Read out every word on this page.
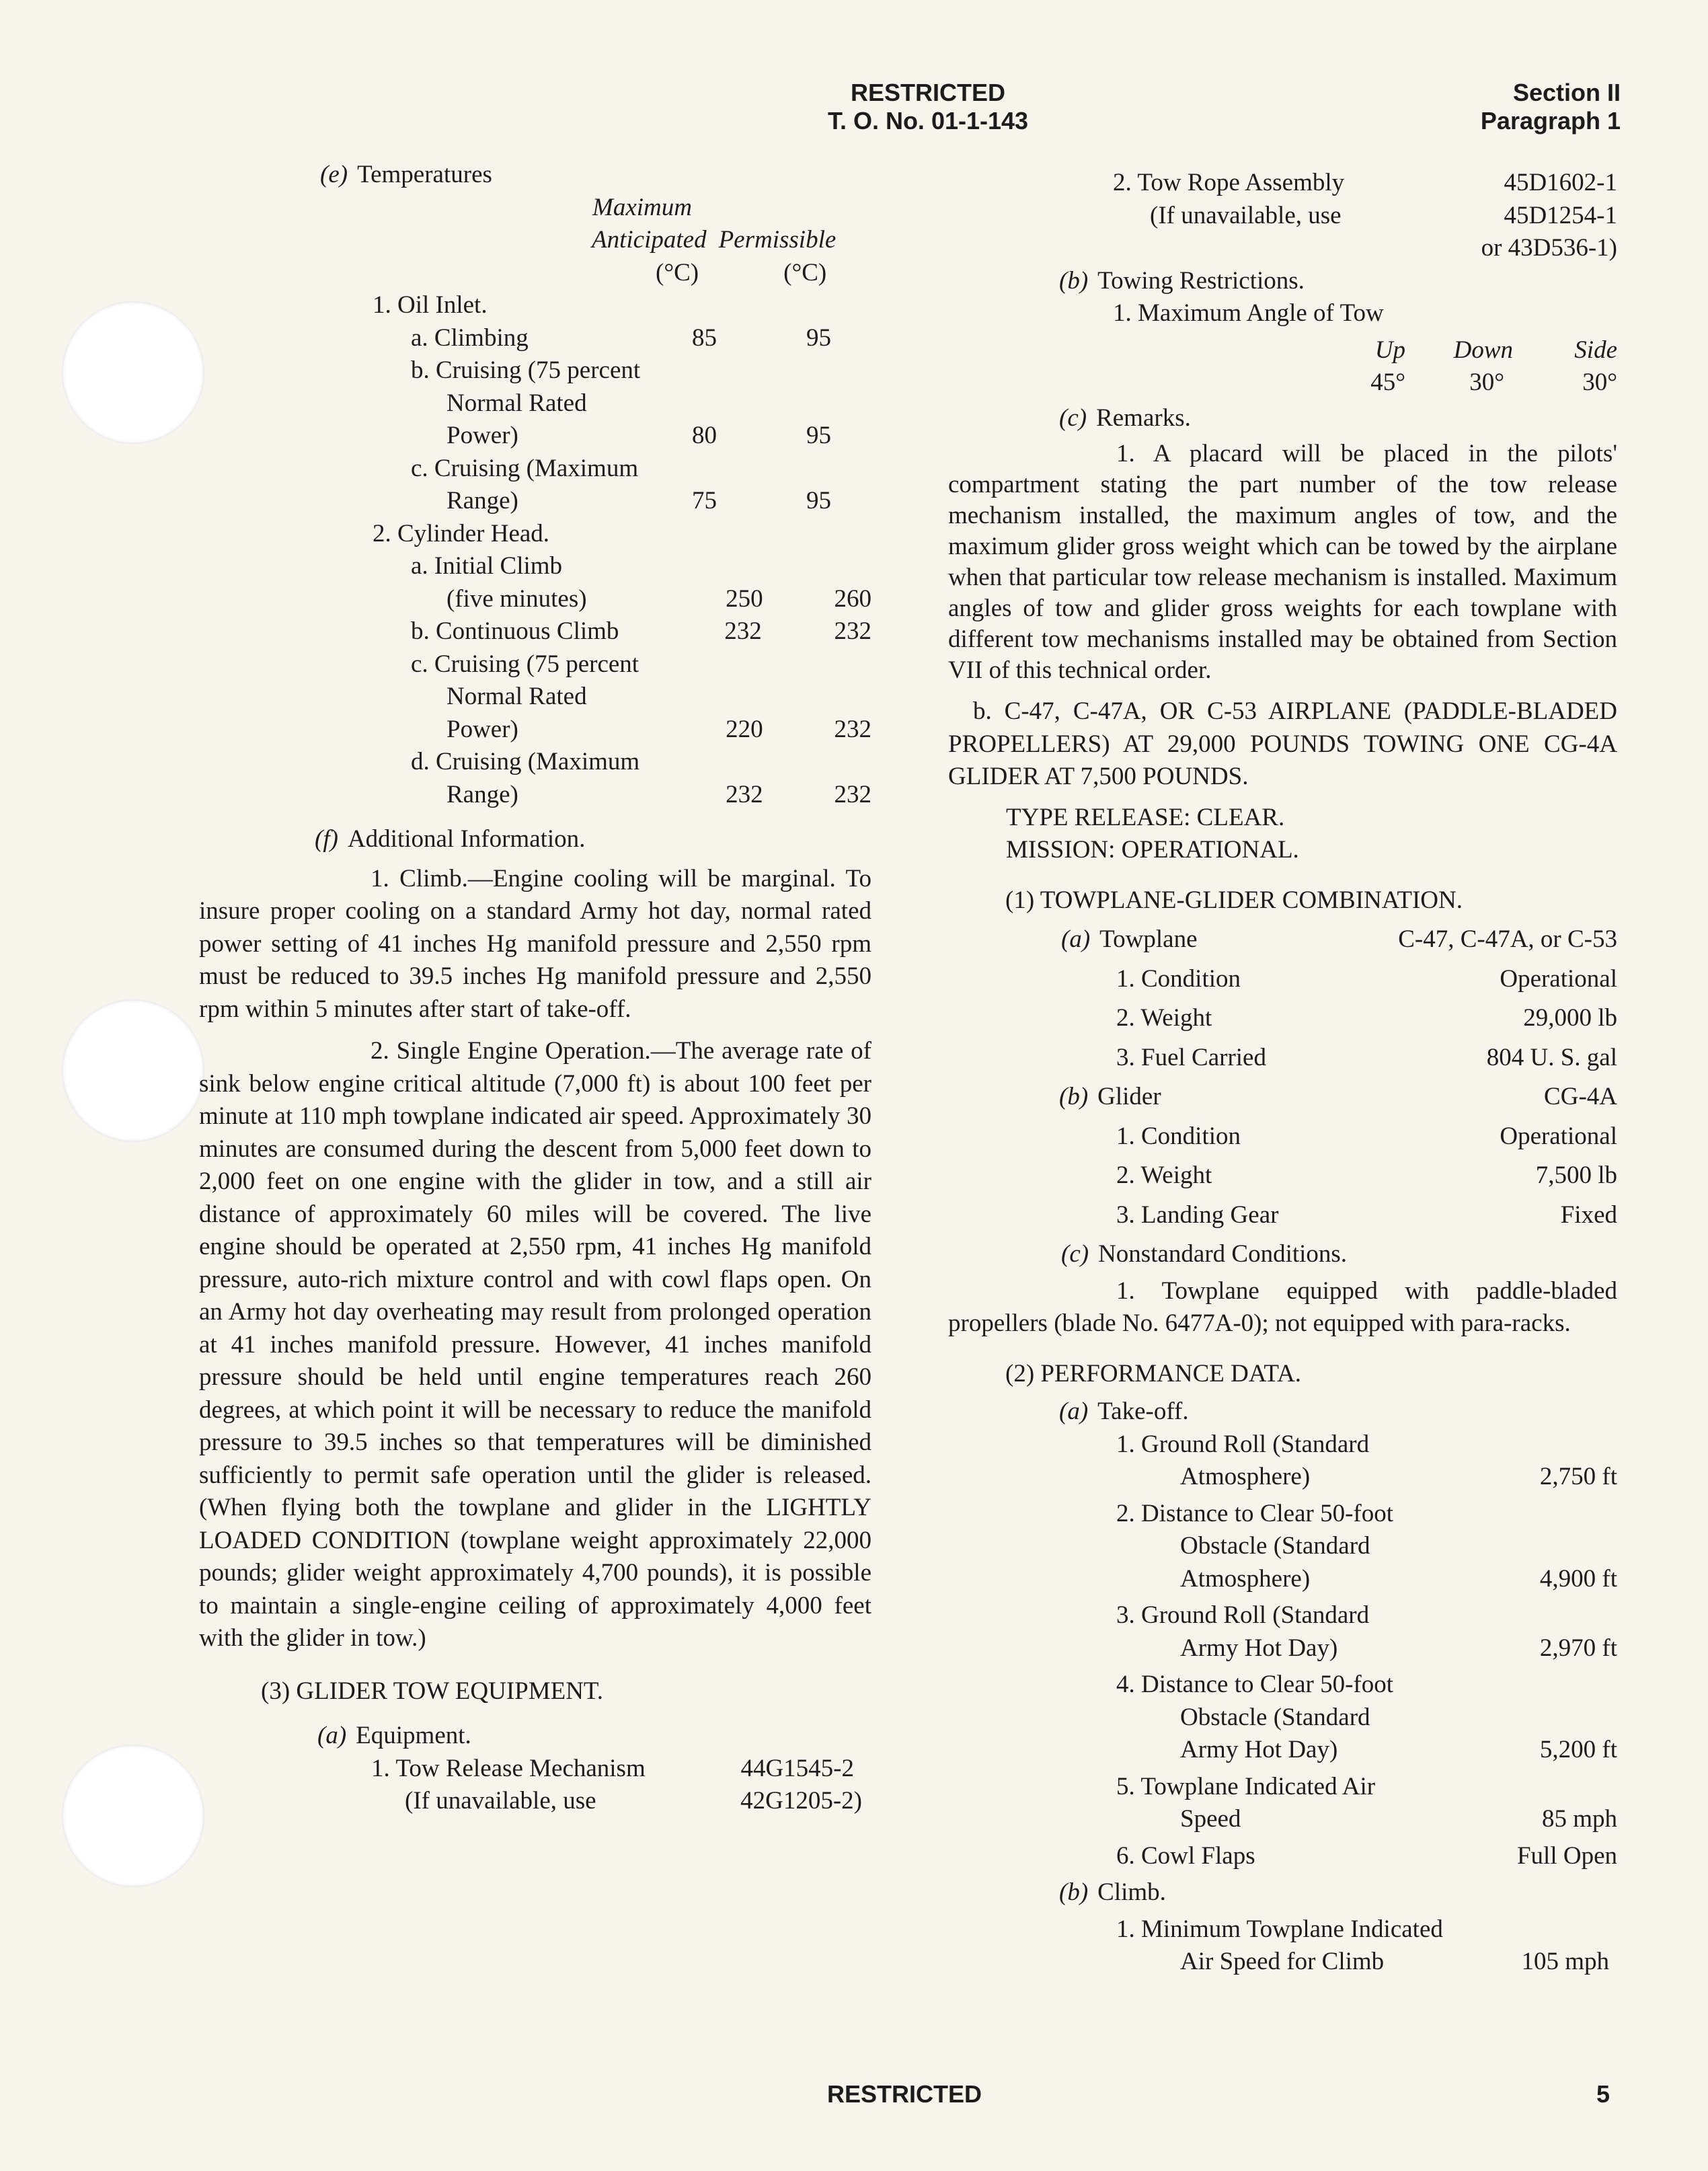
RESTRICTED
T. O. No. 01-1-143
Section II
Paragraph 1
(e) Temperatures
Maximum
Anticipated Permissible
(°C)	(°C)
1. Oil Inlet.
a. Climbing	85	95
b. Cruising (75 percent
Normal Rated
Power)	80	95
c. Cruising (Maximum
Range)	75	95
2. Cylinder Head.
a. Initial Climb
(five minutes)	250	260
b. Continuous Climb	232	232
c. Cruising (75 percent
Normal Rated
Power)	220	232
d. Cruising (Maximum
Range)	232	232
(f) Additional Information.

1. Climb.—Engine cooling will be marginal. To insure proper cooling on a standard Army hot day, normal rated power setting of 41 inches Hg manifold pressure and 2,550 rpm must be reduced to 39.5 inches Hg manifold pressure and 2,550 rpm within 5 minutes after start of take-off.

2. Single Engine Operation.—The average rate of sink below engine critical altitude (7,000 ft) is about 100 feet per minute at 110 mph towplane indicated air speed. Approximately 30 minutes are consumed during the descent from 5,000 feet down to 2,000 feet on one engine with the glider in tow, and a still air distance of approximately 60 miles will be covered. The live engine should be operated at 2,550 rpm, 41 inches Hg manifold pressure, auto-rich mixture control and with cowl flaps open. On an Army hot day overheating may result from prolonged operation at 41 inches manifold pressure. However, 41 inches manifold pressure should be held until engine temperatures reach 260 degrees, at which point it will be necessary to reduce the manifold pressure to 39.5 inches so that temperatures will be diminished sufficiently to permit safe operation until the glider is released. (When flying both the towplane and glider in the LIGHTLY LOADED CONDITION (towplane weight approximately 22,000 pounds; glider weight approximately 4,700 pounds), it is possible to maintain a single-engine ceiling of approximately 4,000 feet with the glider in tow.)

(3) GLIDER TOW EQUIPMENT.
(a) Equipment.
1. Tow Release Mechanism	44G1545-2
(If unavailable, use	42G1205-2)
2. Tow Rope Assembly	45D1602-1
(If unavailable, use	45D1254-1
or 43D536-1)
(b) Towing Restrictions.
1. Maximum Angle of Tow
Up	Down	Side
45°	30°	30°
(c) Remarks.

1. A placard will be placed in the pilots' compartment stating the part number of the tow release mechanism installed, the maximum angles of tow, and the maximum glider gross weight which can be towed by the airplane when that particular tow release mechanism is installed. Maximum angles of tow and glider gross weights for each towplane with different tow mechanisms installed may be obtained from Section VII of this technical order.

b. C-47, C-47A, OR C-53 AIRPLANE (PADDLE-BLADED PROPELLERS) AT 29,000 POUNDS TOWING ONE CG-4A GLIDER AT 7,500 POUNDS.

TYPE RELEASE: CLEAR.
MISSION: OPERATIONAL.
(1) TOWPLANE-GLIDER COMBINATION.
(a) Towplane	C-47, C-47A, or C-53
1. Condition	Operational
2. Weight	29,000 lb
3. Fuel Carried	804 U. S. gal
(b) Glider	CG-4A
1. Condition	Operational
2. Weight	7,500 lb
3. Landing Gear	Fixed
(c) Nonstandard Conditions.

1. Towplane equipped with paddle-bladed propellers (blade No. 6477A-0); not equipped with para-racks.

(2) PERFORMANCE DATA.
(a) Take-off.
1. Ground Roll (Standard
Atmosphere)	2,750 ft
2. Distance to Clear 50-foot
Obstacle (Standard
Atmosphere)	4,900 ft
3. Ground Roll (Standard
Army Hot Day)	2,970 ft
4. Distance to Clear 50-foot
Obstacle (Standard
Army Hot Day)	5,200 ft
5. Towplane Indicated Air
Speed	85 mph
6. Cowl Flaps	Full Open
(b) Climb.
1. Minimum Towplane Indicated
Air Speed for Climb	105 mph
RESTRICTED	5
